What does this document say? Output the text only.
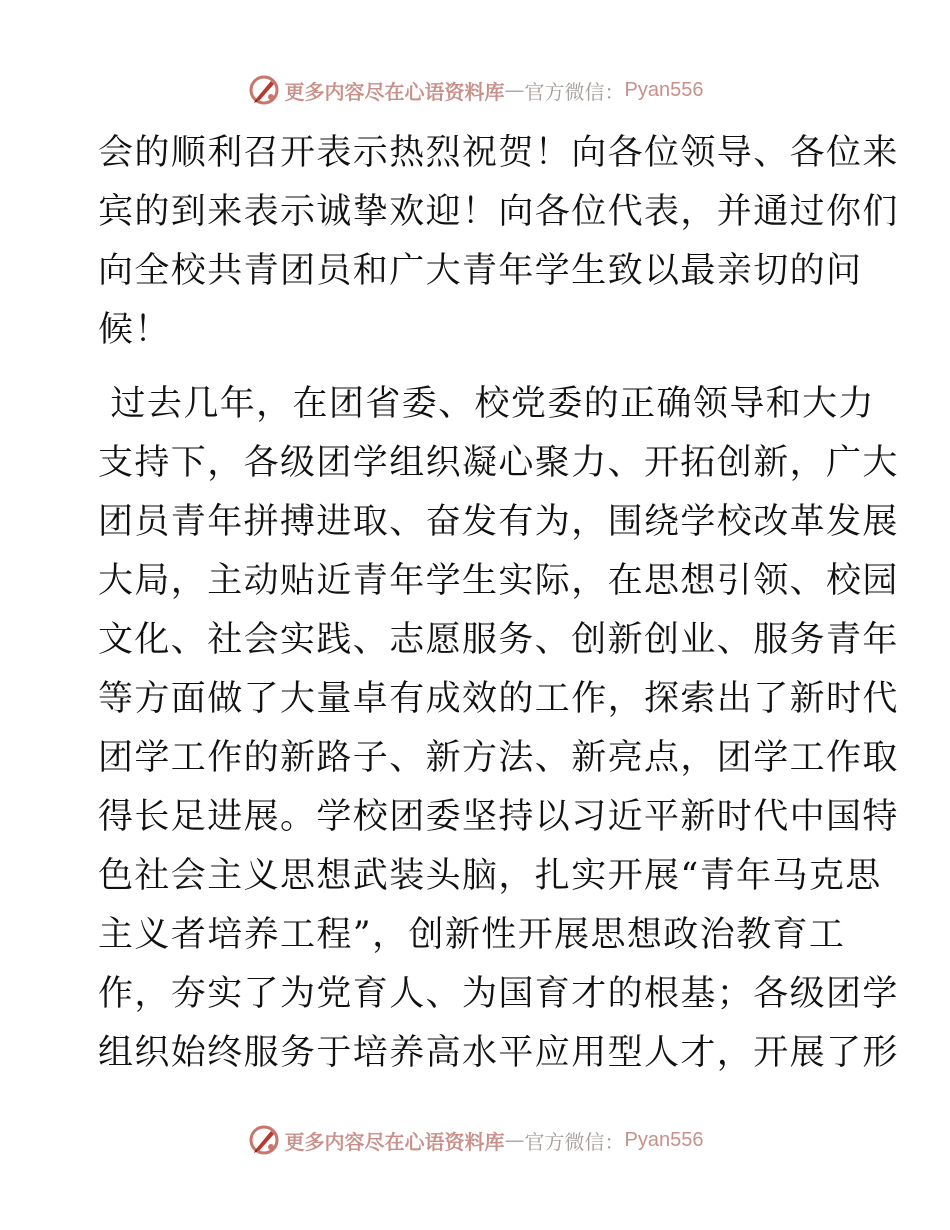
更多内容尽在心语资料库 — 官方微信： Pyan556

会的顺利召开表示热烈祝贺！向各位领导、各位来
宾的到来表示诚挚欢迎！向各位代表，并通过你们
向全校共青团员和广大青年学生致以最亲切的问
候！

过去几年，在团省委、校党委的正确领导和大力
支持下，各级团学组织凝心聚力、开拓创新，广大
团员青年拼搏进取、奋发有为，围绕学校改革发展
大局，主动贴近青年学生实际，在思想引领、校园
文化、社会实践、志愿服务、创新创业、服务青年
等方面做了大量卓有成效的工作，探索出了新时代
团学工作的新路子、新方法、新亮点，团学工作取
得长足进展。学校团委坚持以习近平新时代中国特
色社会主义思想武装头脑，扎实开展“青年马克思
主义者培养工程”，创新性开展思想政治教育工
作，夯实了为党育人、为国育才的根基；各级团学
组织始终服务于培养高水平应用型人才，开展了形

更多内容尽在心语资料库 — 官方微信： Pyan556
